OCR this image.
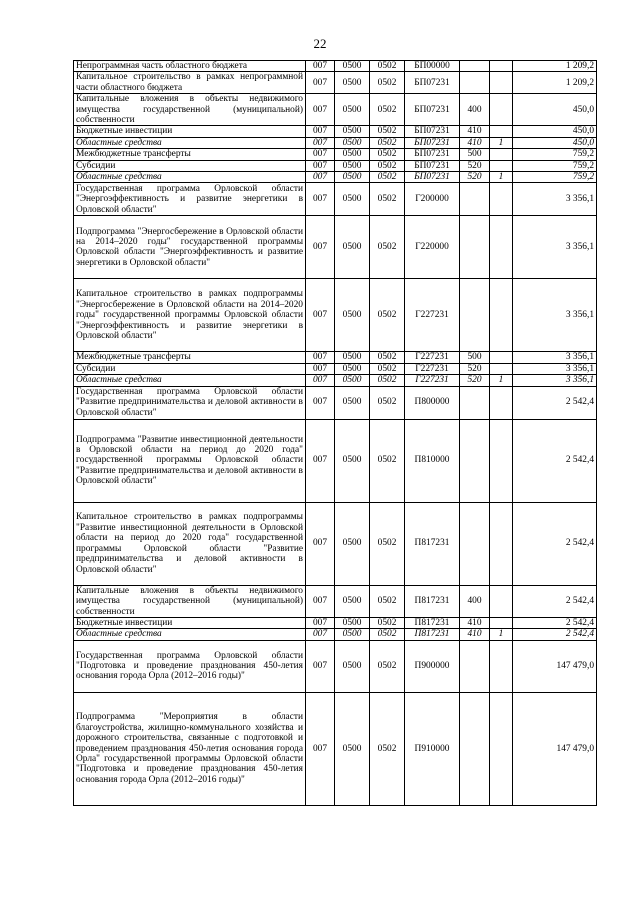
22
Непрограммная часть областного бюджета	007	0500	0502	БП00000			1 209,2
Капитальное строительство в рамках непрограммной части областного бюджета	007	0500	0502	БП07231			1 209,2
Капитальные вложения в объекты недвижимого имущества государственной (муниципальной) собственности	007	0500	0502	БП07231	400		450,0
Бюджетные инвестиции	007	0500	0502	БП07231	410		450,0
Областные средства	007	0500	0502	БП07231	410	1	450,0
Межбюджетные трансферты	007	0500	0502	БП07231	500		759,2
Субсидии	007	0500	0502	БП07231	520		759,2
Областные средства	007	0500	0502	БП07231	520	1	759,2
Государственная программа Орловской области "Энергоэффективность и развитие энергетики в Орловской области"	007	0500	0502	Г200000			3 356,1
Подпрограмма "Энергосбережение в Орловской области на 2014–2020 годы" государственной программы Орловской области "Энергоэффективность и развитие энергетики в Орловской области"	007	0500	0502	Г220000			3 356,1
Капитальное строительство в рамках подпрограммы "Энергосбережение в Орловской области на 2014–2020 годы" государственной программы Орловской области "Энергоэффективность и развитие энергетики в Орловской области"	007	0500	0502	Г227231			3 356,1
Межбюджетные трансферты	007	0500	0502	Г227231	500		3 356,1
Субсидии	007	0500	0502	Г227231	520		3 356,1
Областные средства	007	0500	0502	Г227231	520	1	3 356,1
Государственная программа Орловской области "Развитие предпринимательства и деловой активности в Орловской области"	007	0500	0502	П800000			2 542,4
Подпрограмма "Развитие инвестиционной деятельности в Орловской области на период до 2020 года" государственной программы Орловской области "Развитие предпринимательства и деловой активности в Орловской области"	007	0500	0502	П810000			2 542,4
Капитальное строительство в рамках подпрограммы "Развитие инвестиционной деятельности в Орловской области на период до 2020 года" государственной программы Орловской области "Развитие предпринимательства и деловой активности в Орловской области"	007	0500	0502	П817231			2 542,4
Капитальные вложения в объекты недвижимого имущества государственной (муниципальной) собственности	007	0500	0502	П817231	400		2 542,4
Бюджетные инвестиции	007	0500	0502	П817231	410		2 542,4
Областные средства	007	0500	0502	П817231	410	1	2 542,4
Государственная программа Орловской области "Подготовка и проведение празднования 450-летия основания города Орла (2012–2016 годы)"	007	0500	0502	П900000			147 479,0
Подпрограмма "Мероприятия в области благоустройства, жилищно-коммунального хозяйства и дорожного строительства, связанные с подготовкой и проведением празднования 450-летия основания города Орла" государственной программы Орловской области "Подготовка и проведение празднования 450-летия основания города Орла (2012–2016 годы)"	007	0500	0502	П910000			147 479,0
